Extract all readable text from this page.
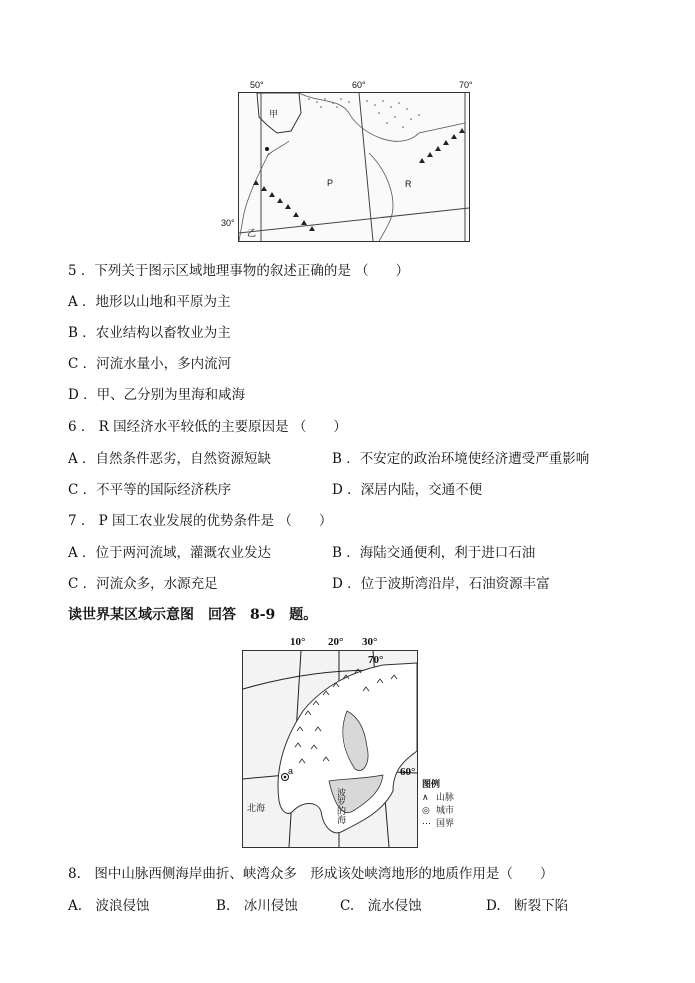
50°	60°	70°
30°
甲
P	R
乙
5 ．下列关于图示区域地理事物的叙述正确的是 （　　）
A ．地形以山地和平原为主
B ．农业结构以畜牧业为主
C ．河流水量小，多内流河
D ．甲、乙分别为里海和咸海
6 ． R 国经济水平较低的主要原因是 （　　）
A ．自然条件恶劣，自然资源短缺	B ．不安定的政治环境使经济遭受严重影响
C ．不平等的国际经济秩序	D ．深居内陆，交通不便
7 ． P 国工农业发展的优势条件是 （　　）
A ．位于两河流域，灌溉农业发达	B ．海陆交通便利，利于进口石油
C ．河流众多，水源充足	D ．位于波斯湾沿岸，石油资源丰富
读世界某区域示意图　回答　8-9　题。
10° 20° 30°
a
北海
波罗的海
70°
60°
图例
∧ 山脉
◎ 城市
⋯ 国界
8.　图中山脉西侧海岸曲折、峡湾众多　形成该处峡湾地形的地质作用是（　　）
A.　波浪侵蚀	B.　冰川侵蚀	C.　流水侵蚀	D.　断裂下陷
